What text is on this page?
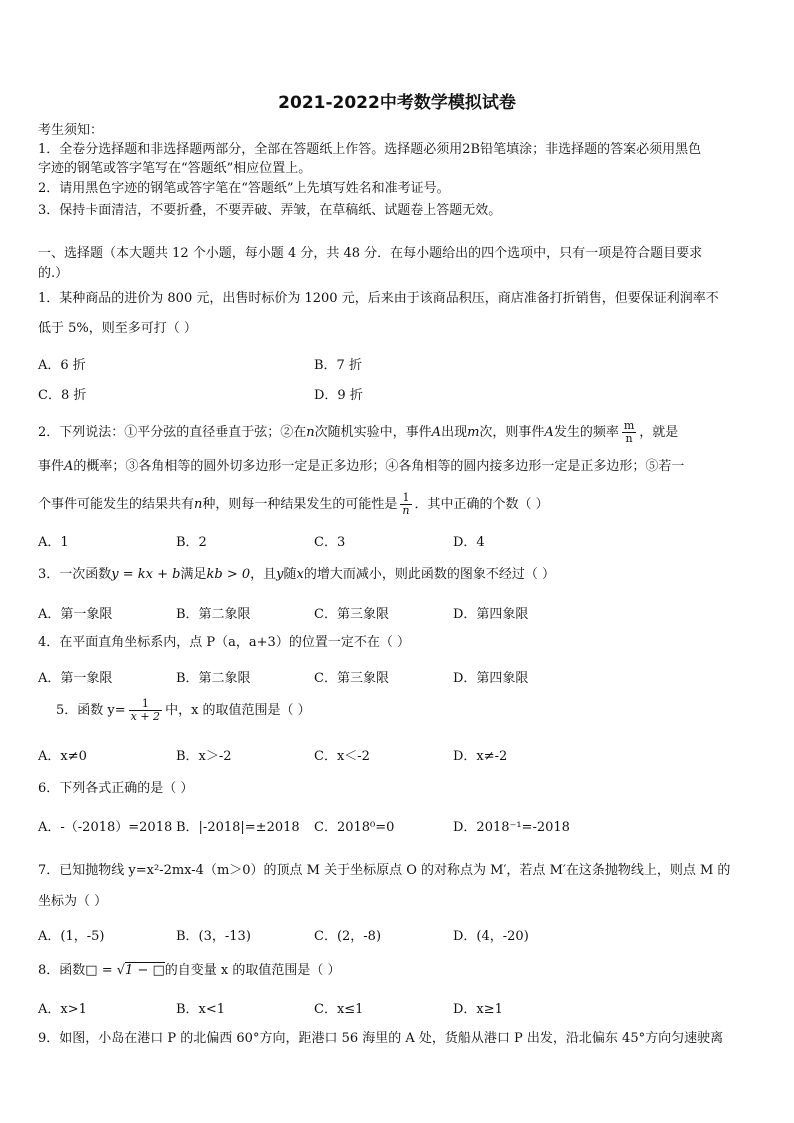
2021-2022中考数学模拟试卷
考生须知：
1．全卷分选择题和非选择题两部分，全部在答题纸上作答。选择题必须用2B铅笔填涂；非选择题的答案必须用黑色
字迹的钢笔或答字笔写在“答题纸”相应位置上。
2．请用黑色字迹的钢笔或答字笔在“答题纸”上先填写姓名和准考证号。
3．保持卡面清洁，不要折叠，不要弄破、弄皱，在草稿纸、试题卷上答题无效。
一、选择题（本大题共 12 个小题，每小题 4 分，共 48 分．在每小题给出的四个选项中，只有一项是符合题目要求
的.）
1．某种商品的进价为 800 元，出售时标价为 1200 元，后来由于该商品积压，商店准备打折销售，但要保证利润率不
低于 5%，则至多可打（ ）
A．6 折	B．7 折
C．8 折	D．9 折
2．下列说法：①平分弦的直径垂直于弦；②在n次随机实验中，事件A出现m次，则事件A发生的频率 $\frac{m}{n}$ ，就是
事件A的概率；③各角相等的圆外切多边形一定是正多边形；④各角相等的圆内接多边形一定是正多边形；⑤若一
个事件可能发生的结果共有n种，则每一种结果发生的可能性是 $\frac{1}{n}$ ．其中正确的个数（ ）
A．1	B．2	C．3	D．4
3．一次函数y = kx + b满足kb > 0，且y随x的增大而减小，则此函数的图象不经过（ ）
A．第一象限	B．第二象限	C．第三象限	D．第四象限
4．在平面直角坐标系内，点 P（a，a+3）的位置一定不在（ ）
A．第一象限	B．第二象限	C．第三象限	D．第四象限
5．函数 $y= \frac{1}{x + 2}$ 中，x 的取值范围是（ ）
A．x≠0	B．x＞-2	C．x＜-2	D．x≠-2
6．下列各式正确的是（ ）
A．-（-2018）=2018 B．|-2018|=±2018 C．2018⁰=0	D．2018⁻¹=-2018
7．已知抛物线 y=x²-2mx-4（m＞0）的顶点 M 关于坐标原点 O 的对称点为 M′，若点 M′在这条抛物线上，则点 M 的
坐标为（ ）
A．(1，-5)	B．(3，-13)	C．(2，-8)	D．(4，-20)
8．函数□ = √1 − □的自变量 x 的取值范围是（ ）
A．x>1	B．x<1	C．x≤1	D．x≥1
9．如图，小岛在港口 P 的北偏西 60°方向，距港口 56 海里的 A 处，货船从港口 P 出发，沿北偏东 45°方向匀速驶离
